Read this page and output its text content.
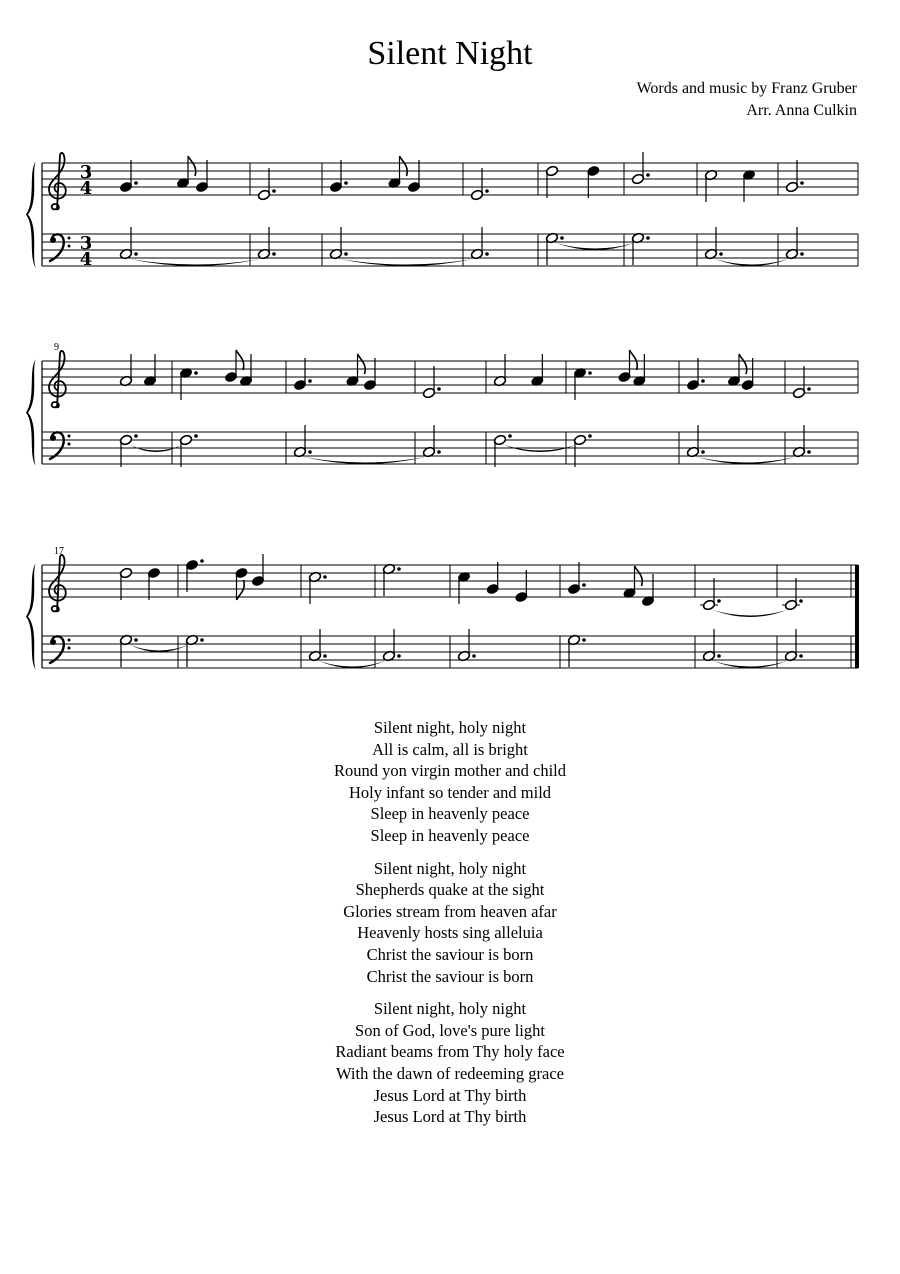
Silent Night
Words and music by Franz Gruber
Arr. Anna Culkin
3
4
3
4
9
17
Silent night, holy night
All is calm, all is bright
Round yon virgin mother and child
Holy infant so tender and mild
Sleep in heavenly peace
Sleep in heavenly peace
Silent night, holy night
Shepherds quake at the sight
Glories stream from heaven afar
Heavenly hosts sing alleluia
Christ the saviour is born
Christ the saviour is born
Silent night, holy night
Son of God, love's pure light
Radiant beams from Thy holy face
With the dawn of redeeming grace
Jesus Lord at Thy birth
Jesus Lord at Thy birth
